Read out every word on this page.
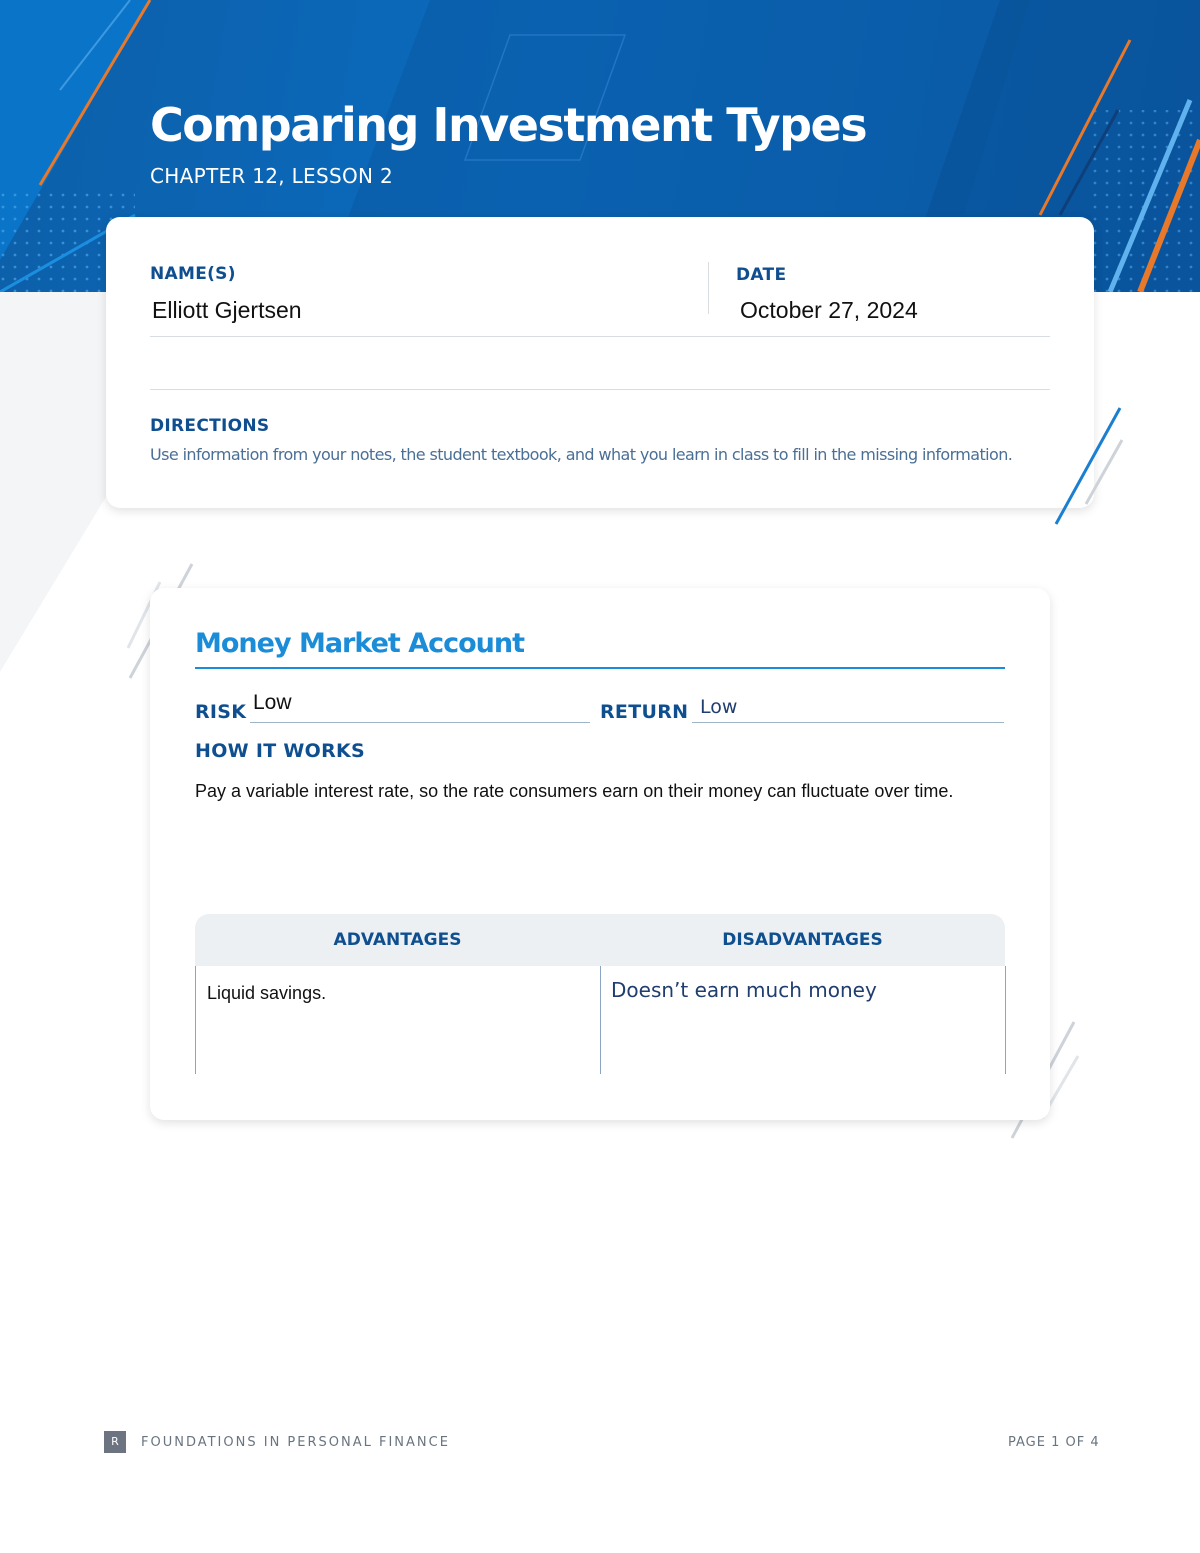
Comparing Investment Types
CHAPTER 12, LESSON 2
NAME(S)
Elliott Gjertsen
DATE
October 27, 2024
DIRECTIONS
Use information from your notes, the student textbook, and what you learn in class to fill in the missing information.
Money Market Account
RISK Low	RETURN Low
HOW IT WORKS
Pay a variable interest rate, so the rate consumers earn on their money can fluctuate over time.
ADVANTAGES	DISADVANTAGES
Liquid savings.	Doesn’t earn much money
R	FOUNDATIONS IN PERSONAL FINANCE	PAGE 1 OF 4
